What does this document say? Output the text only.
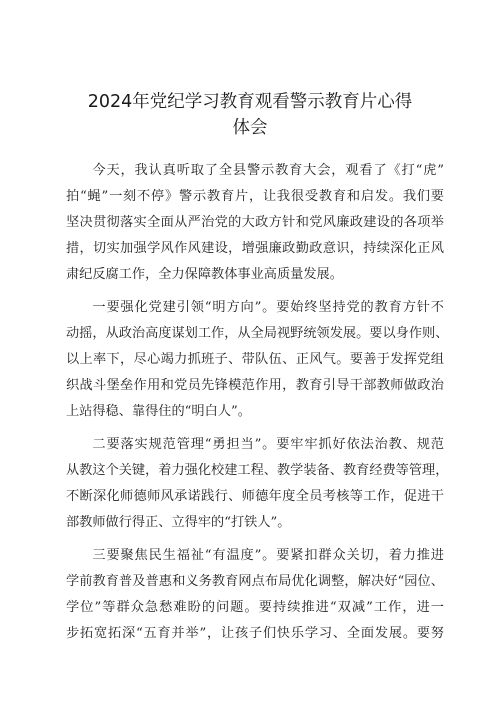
2024年党纪学习教育观看警示教育片心得
体会

今天，我认真听取了全县警示教育大会，观看了《打“虎”
拍“蝇”一刻不停》警示教育片，让我很受教育和启发。我们要
坚决贯彻落实全面从严治党的大政方针和党风廉政建设的各项举
措，切实加强学风作风建设，增强廉政勤政意识，持续深化正风
肃纪反腐工作，全力保障教体事业高质量发展。

一要强化党建引领“明方向”。要始终坚持党的教育方针不
动摇，从政治高度谋划工作，从全局视野统领发展。要以身作则、
以上率下，尽心竭力抓班子、带队伍、正风气。要善于发挥党组
织战斗堡垒作用和党员先锋模范作用，教育引导干部教师做政治
上站得稳、靠得住的“明白人”。

二要落实规范管理“勇担当”。要牢牢抓好依法治教、规范
从教这个关键，着力强化校建工程、教学装备、教育经费等管理，
不断深化师德师风承诺践行、师德年度全员考核等工作，促进干
部教师做行得正、立得牢的“打铁人”。

三要聚焦民生福祉“有温度”。要紧扣群众关切，着力推进
学前教育普及普惠和义务教育网点布局优化调整，解决好“园位、
学位”等群众急愁难盼的问题。要持续推进“双减”工作，进一
步拓宽拓深“五育并举”，让孩子们快乐学习、全面发展。要努
